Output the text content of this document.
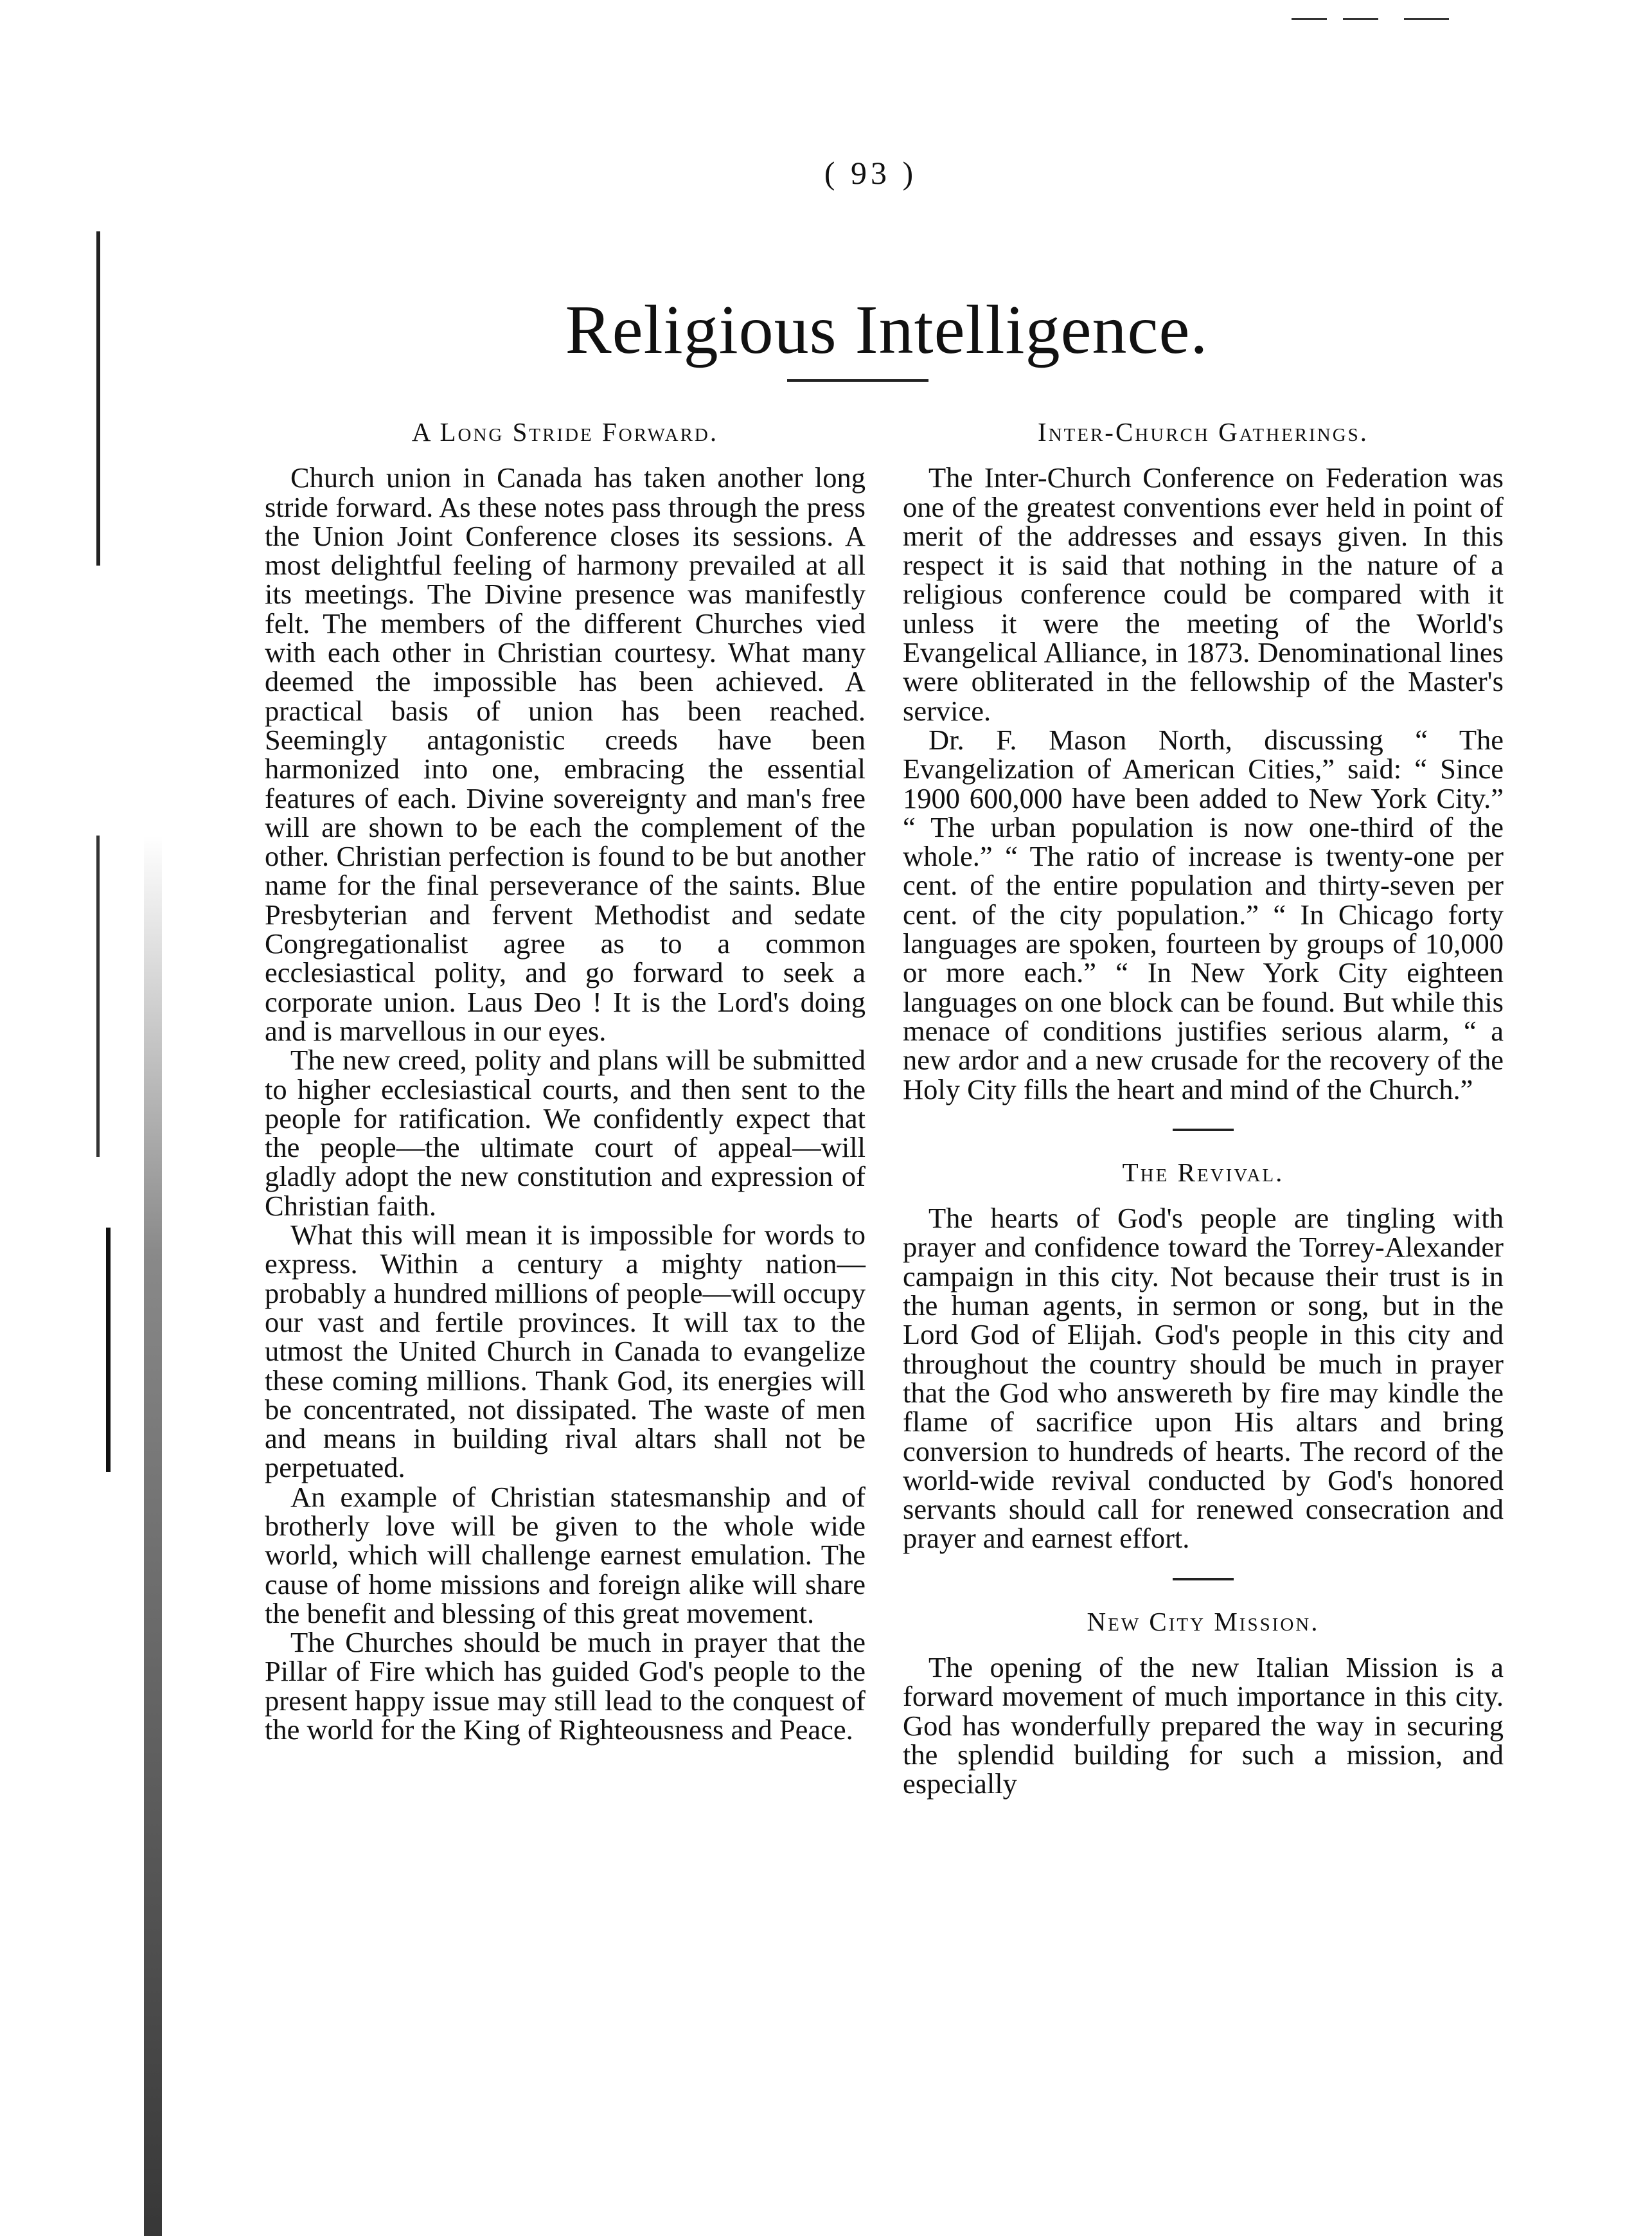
( 93 )
Religious Intelligence.
A Long Stride Forward.

Church union in Canada has taken another long stride forward. As these notes pass through the press the Union Joint Conference closes its sessions. A most delightful feeling of harmony prevailed at all its meetings. The Divine presence was manifestly felt. The members of the different Churches vied with each other in Christian courtesy. What many deemed the impossible has been achieved. A practical basis of union has been reached. Seemingly antagonistic creeds have been harmonized into one, embracing the essential features of each. Divine sovereignty and man's free will are shown to be each the complement of the other. Christian perfection is found to be but another name for the final perseverance of the saints. Blue Presbyterian and fervent Methodist and sedate Congregationalist agree as to a common ecclesiastical polity, and go forward to seek a corporate union. Laus Deo ! It is the Lord's doing and is marvellous in our eyes.

The new creed, polity and plans will be submitted to higher ecclesiastical courts, and then sent to the people for ratification. We confidently expect that the people—the ultimate court of appeal—will gladly adopt the new constitution and expression of Christian faith.

What this will mean it is impossible for words to express. Within a century a mighty nation—probably a hundred millions of people—will occupy our vast and fertile provinces. It will tax to the utmost the United Church in Canada to evangelize these coming millions. Thank God, its energies will be concentrated, not dissipated. The waste of men and means in building rival altars shall not be perpetuated.

An example of Christian statesmanship and of brotherly love will be given to the whole wide world, which will challenge earnest emulation. The cause of home missions and foreign alike will share the benefit and blessing of this great movement.

The Churches should be much in prayer that the Pillar of Fire which has guided God's people to the present happy issue may still lead to the conquest of the world for the King of Righteousness and Peace.

Inter-Church Gatherings.

The Inter-Church Conference on Federation was one of the greatest conventions ever held in point of merit of the addresses and essays given. In this respect it is said that nothing in the nature of a religious conference could be compared with it unless it were the meeting of the World's Evangelical Alliance, in 1873. Denominational lines were obliterated in the fellowship of the Master's service.

Dr. F. Mason North, discussing “ The Evangelization of American Cities,” said: “ Since 1900 600,000 have been added to New York City.” “ The urban population is now one-third of the whole.” “ The ratio of increase is twenty-one per cent. of the entire population and thirty-seven per cent. of the city population.” “ In Chicago forty languages are spoken, fourteen by groups of 10,000 or more each.” “ In New York City eighteen languages on one block can be found. But while this menace of conditions justifies serious alarm, “ a new ardor and a new crusade for the recovery of the Holy City fills the heart and mind of the Church.”

The Revival.

The hearts of God's people are tingling with prayer and confidence toward the Torrey-Alexander campaign in this city. Not because their trust is in the human agents, in sermon or song, but in the Lord God of Elijah. God's people in this city and throughout the country should be much in prayer that the God who answereth by fire may kindle the flame of sacrifice upon His altars and bring conversion to hundreds of hearts. The record of the world-wide revival conducted by God's honored servants should call for renewed consecration and prayer and earnest effort.

New City Mission.

The opening of the new Italian Mission is a forward movement of much importance in this city. God has wonderfully prepared the way in securing the splendid building for such a mission, and especially
